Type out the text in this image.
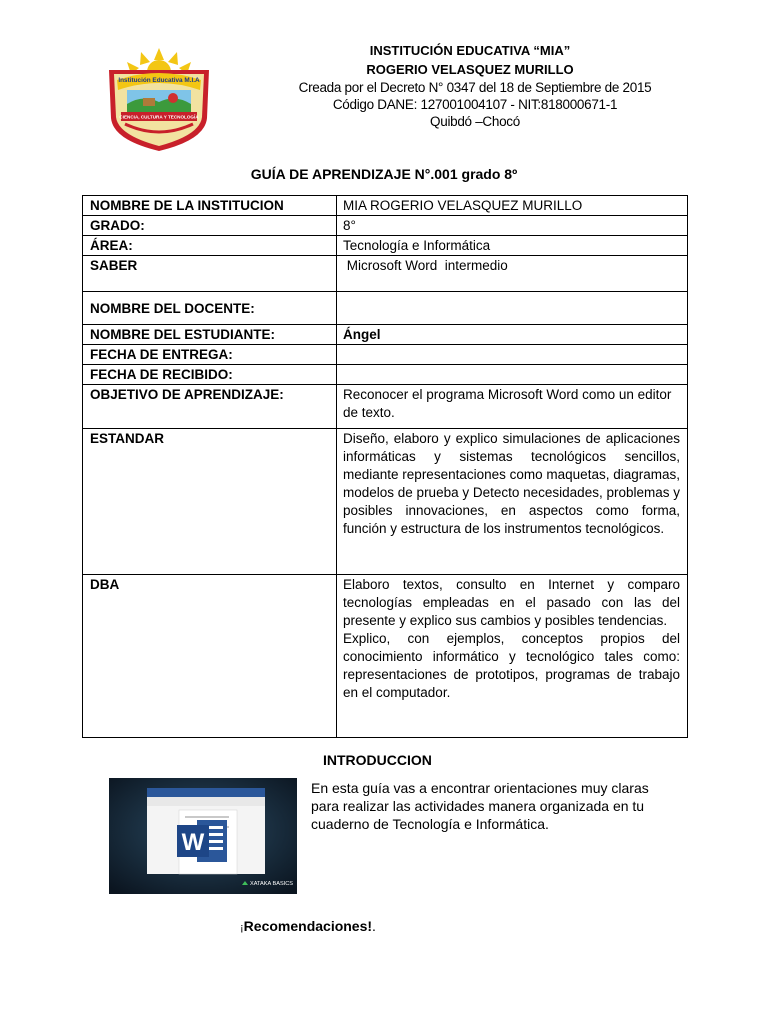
Institución Educativa M.I.A
CIENCIA, CULTURA Y TECNOLOGÍA
INSTITUCIÓN EDUCATIVA “MIA”
ROGERIO VELASQUEZ MURILLO
Creada por el Decreto N° 0347 del 18 de Septiembre de 2015
Código DANE: 127001004107 - NIT:818000671-1
Quibdó –Chocó
GUÍA DE APRENDIZAJE N°.001 grado 8º
NOMBRE DE LA INSTITUCION	MIA ROGERIO VELASQUEZ MURILLO
GRADO:	8°
ÁREA:	Tecnología e Informática
SABER	Microsoft Word  intermedio
NOMBRE DEL DOCENTE:	
NOMBRE DEL ESTUDIANTE:	Ángel
FECHA DE ENTREGA:	
FECHA DE RECIBIDO:	
OBJETIVO DE APRENDIZAJE:	Reconocer el programa Microsoft Word como un editor de texto.
ESTANDAR	Diseño, elaboro y explico simulaciones de aplicaciones informáticas y sistemas tecnológicos sencillos, mediante representaciones como maquetas, diagramas, modelos de prueba y Detecto necesidades, problemas y posibles innovaciones, en aspectos como forma, función y estructura de los instrumentos tecnológicos.
DBA	Elaboro textos, consulto en Internet y comparo tecnologías empleadas en el pasado con las del presente y explico sus cambios y posibles tendencias.
Explico, con ejemplos, conceptos propios del conocimiento informático y tecnológico tales como: representaciones de prototipos, programas de trabajo en el computador.
INTRODUCCION
W
XATAKA BASICS
En esta guía vas a encontrar orientaciones muy claras para realizar las actividades manera organizada en tu cuaderno de Tecnología e Informática.
¡Recomendaciones!.
